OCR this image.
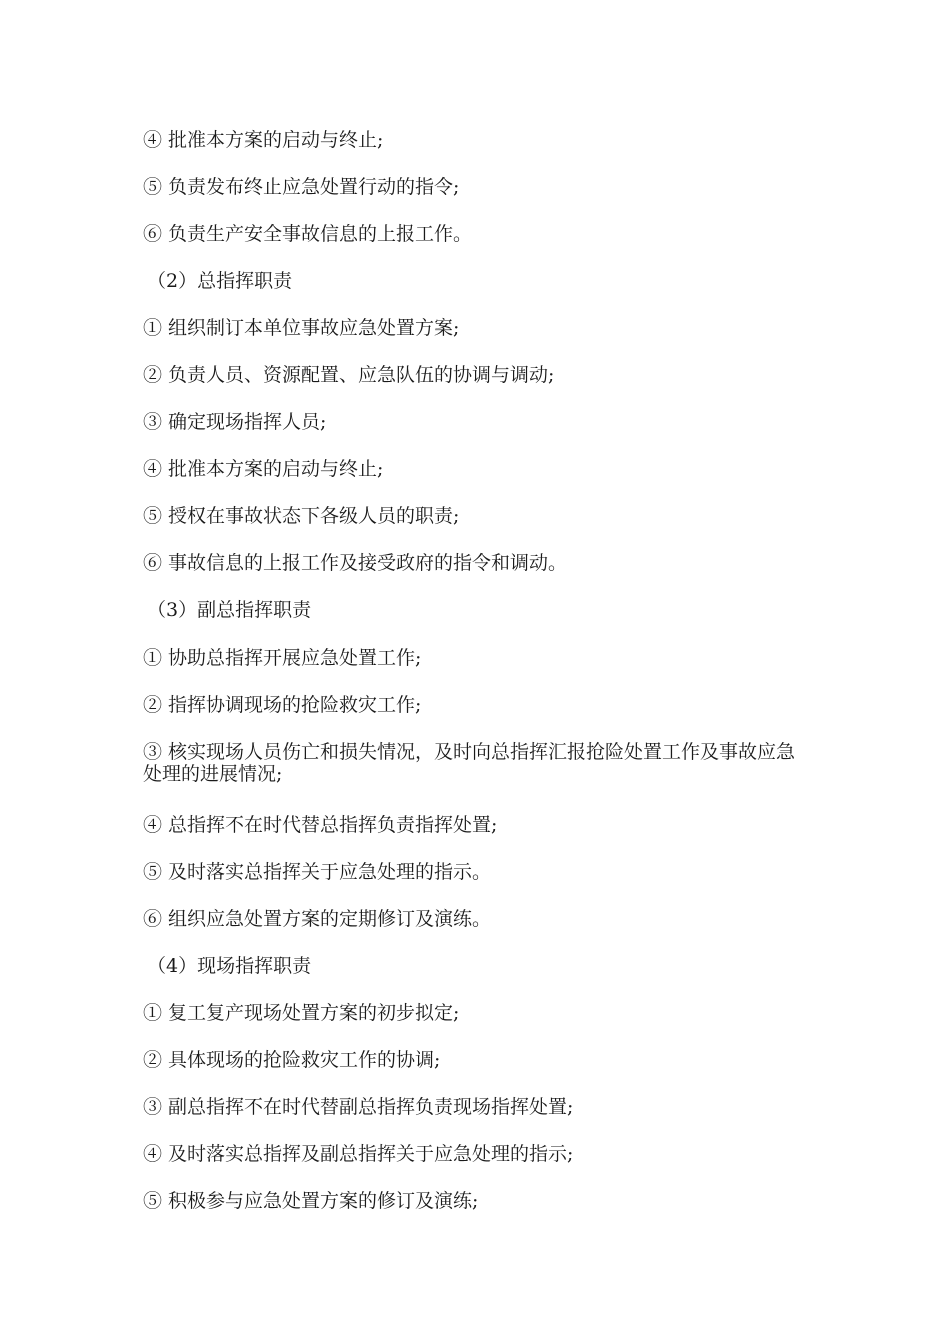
④ 批准本方案的启动与终止;
⑤ 负责发布终止应急处置行动的指令;
⑥ 负责生产安全事故信息的上报工作。
（2）总指挥职责
① 组织制订本单位事故应急处置方案;
② 负责人员、资源配置、应急队伍的协调与调动;
③ 确定现场指挥人员;
④ 批准本方案的启动与终止;
⑤ 授权在事故状态下各级人员的职责;
⑥ 事故信息的上报工作及接受政府的指令和调动。
（3）副总指挥职责
① 协助总指挥开展应急处置工作;
② 指挥协调现场的抢险救灾工作;
③ 核实现场人员伤亡和损失情况，及时向总指挥汇报抢险处置工作及事故应急处理的进展情况;
④ 总指挥不在时代替总指挥负责指挥处置;
⑤ 及时落实总指挥关于应急处理的指示。
⑥ 组织应急处置方案的定期修订及演练。
（4）现场指挥职责
① 复工复产现场处置方案的初步拟定;
② 具体现场的抢险救灾工作的协调;
③ 副总指挥不在时代替副总指挥负责现场指挥处置;
④ 及时落实总指挥及副总指挥关于应急处理的指示;
⑤ 积极参与应急处置方案的修订及演练;
